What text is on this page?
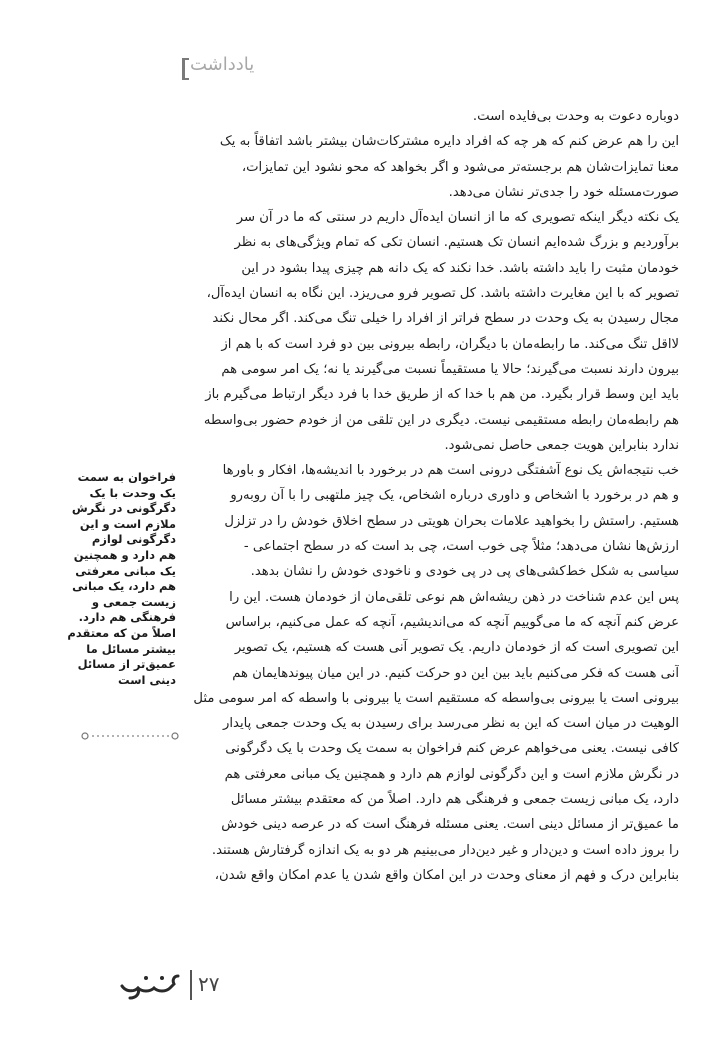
یادداشت
دوباره دعوت به وحدت بی‌فایده است.
این را هم عرض کنم که هر چه که افراد دایره مشترکات‌شان بیشتر باشد اتفاقاً به یک
معنا تمایزات‌شان هم برجسته‌تر می‌شود و اگر بخواهد که محو نشود این تمایزات،
صورت‌مسئله خود را جدی‌تر نشان می‌دهد.
یک نکته دیگر اینکه تصویری که ما از انسان ایده‌آل داریم در سنتی که ما در آن سر
برآوردیم و بزرگ شده‌ایم انسان تک هستیم. انسان تکی که تمام ویژگی‌های به نظر
خودمان مثبت را باید داشته باشد. خدا نکند که یک دانه هم چیزی پیدا بشود در این
تصویر که با این مغایرت داشته باشد. کل تصویر فرو می‌ریزد. این نگاه به انسان ایده‌آل،
مجال رسیدن به یک وحدت در سطح فراتر از افراد را خیلی تنگ می‌کند. اگر محال نکند
لااقل تنگ می‌کند. ما رابطه‌مان با دیگران، رابطه بیرونی بین دو فرد است که با هم از
بیرون دارند نسبت می‌گیرند؛ حالا یا مستقیماً نسبت می‌گیرند یا نه؛ یک امر سومی هم
باید این وسط قرار بگیرد. من هم با خدا که از طریق خدا با فرد دیگر ارتباط می‌گیرم باز
هم رابطه‌مان رابطه مستقیمی نیست. دیگری در این تلقی من از خودم حضور بی‌واسطه
ندارد بنابراین هویت جمعی حاصل نمی‌شود.
خب نتیجه‌اش یک نوع آشفتگی درونی است هم در برخورد با اندیشه‌ها، افکار و باورها
و هم در برخورد با اشخاص و داوری درباره اشخاص، یک چیز ملتهبی را با آن روبه‌رو
هستیم. راستش را بخواهید علامات بحران هویتی در سطح اخلاق خودش را در تزلزل
ارزش‌ها نشان می‌دهد؛ مثلاً چی خوب است، چی بد است که در سطح اجتماعی -
سیاسی به شکل خط‌کشی‌های پی در پی خودی و ناخودی خودش را نشان بدهد.
پس این عدم شناخت در ذهن ریشه‌اش هم نوعی تلقی‌مان از خودمان هست. این را
عرض کنم آنچه که ما می‌گوییم آنچه که می‌اندیشیم، آنچه که عمل می‌کنیم، براساس
این تصویری است که از خودمان داریم. یک تصویر آنی هست که هستیم، یک تصویر
آنی هست که فکر می‌کنیم باید بین این دو حرکت کنیم. در این میان پیوندهایمان هم
بیرونی است یا بیرونی بی‌واسطه که مستقیم است یا بیرونی با واسطه که امر سومی مثل
الوهیت در میان است که این به نظر می‌رسد برای رسیدن به یک وحدت جمعی پایدار
کافی نیست. یعنی می‌خواهم عرض کنم فراخوان به سمت یک وحدت با یک دگرگونی
در نگرش ملازم است و این دگرگونی لوازم هم دارد و همچنین یک مبانی معرفتی هم
دارد، یک مبانی زیست جمعی و فرهنگی هم دارد. اصلاً من که معتقدم بیشتر مسائل
ما عمیق‌تر از مسائل دینی است. یعنی مسئله فرهنگ است که در عرصه دینی خودش
را بروز داده است و دین‌دار و غیر دین‌دار می‌بینیم هر دو به یک اندازه گرفتارش هستند.
بنابراین درک و فهم از معنای وحدت در این امکان واقع شدن یا عدم امکان واقع شدن،
فراخوان به سمت
یک وحدت با یک
دگرگونی در نگرش
ملازم است و این
دگرگونی لوازم
هم دارد و همچنین
یک مبانی معرفتی
هم دارد، یک مبانی
زیست جمعی و
فرهنگی هم دارد.
اصلاً من که معتقدم
بیشتر مسائل ما
عمیق‌تر از مسائل
دینی است
۲۷
